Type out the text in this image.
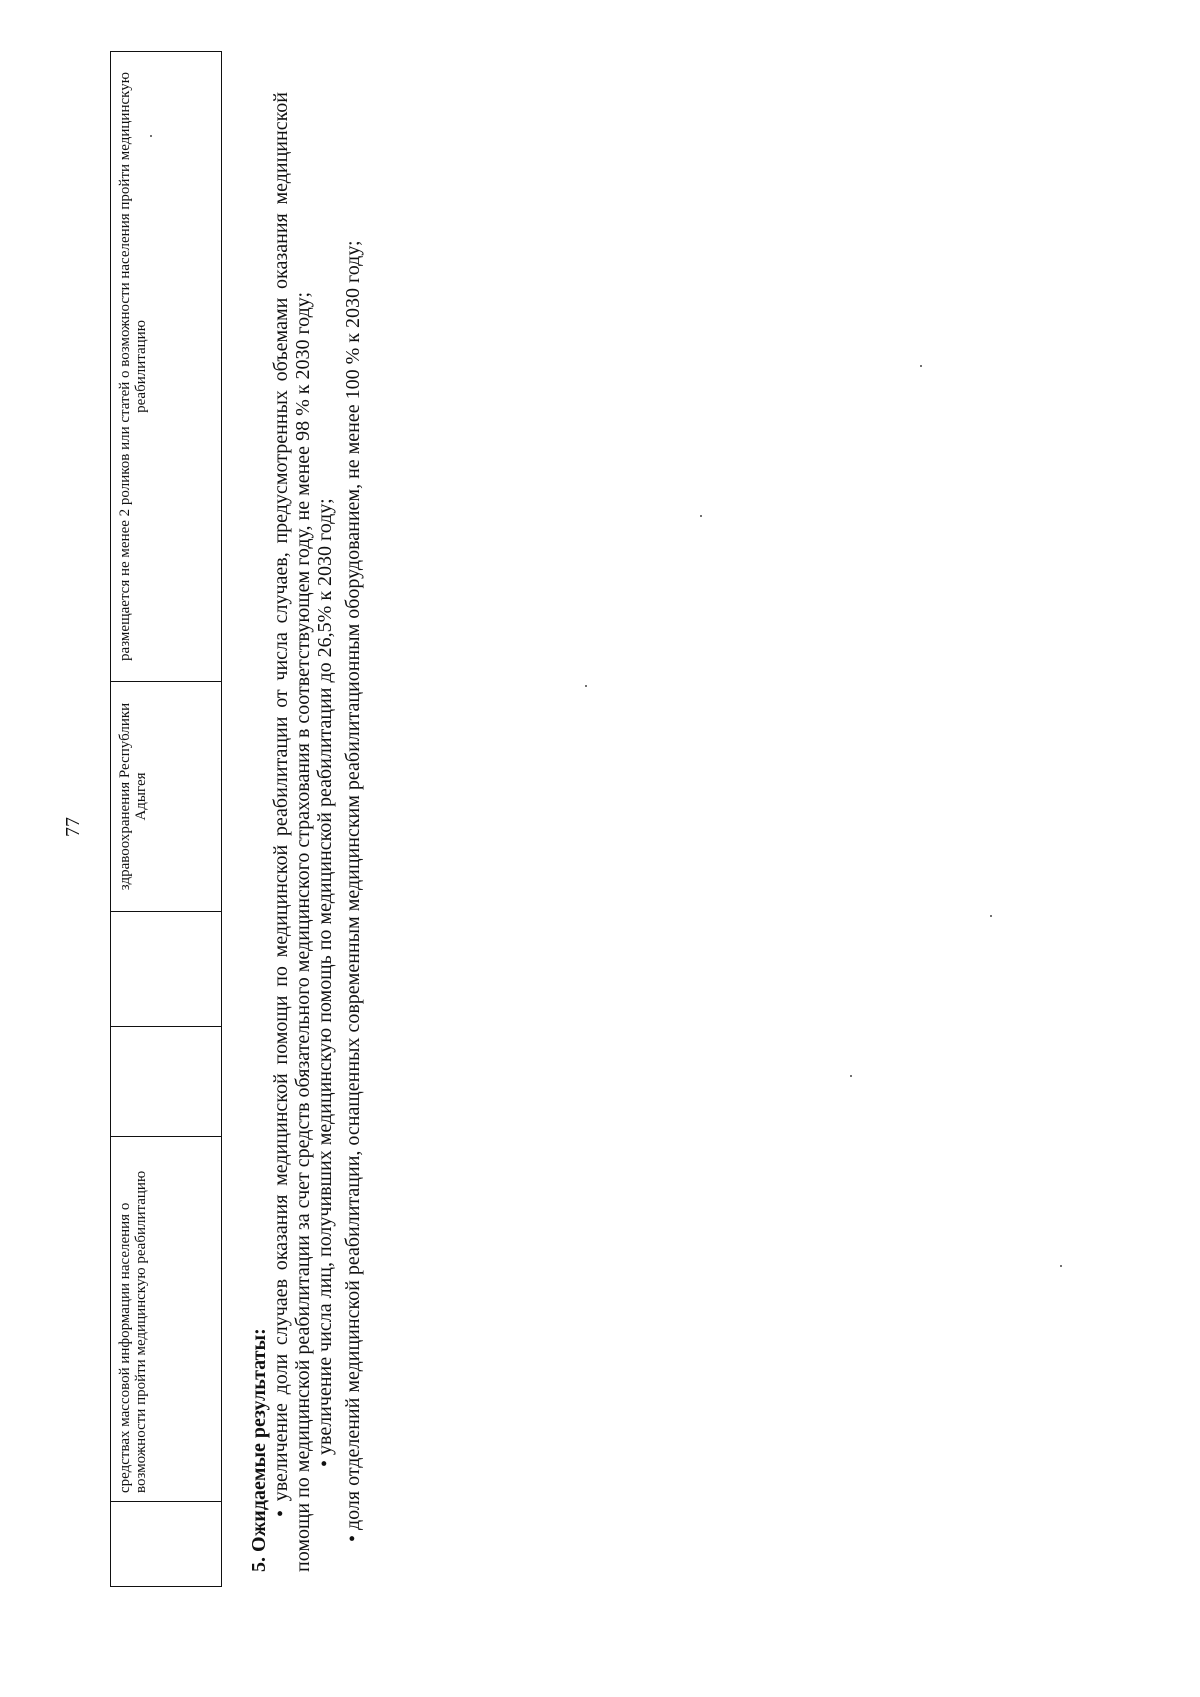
77
	средствах массовой информации населения о возможности пройти медицинскую реабилитацию			здравоохранения Республики Адыгея	размещается не менее 2 роликов или статей о возможности населения пройти медицинскую реабилитацию
5. Ожидаемые результаты: • увеличение доли случаев оказания медицинской помощи по медицинской реабилитации от числа случаев, предусмотренных объемами оказания медицинской помощи по медицинской реабилитации за счет средств обязательного медицинского страхования в соответствующем году, не менее 98 % к 2030 году; • увеличение числа лиц, получивших медицинскую помощь по медицинской реабилитации до 26,5% к 2030 году; • доля отделений медицинской реабилитации, оснащенных современным медицинским реабилитационным оборудованием, не менее 100 % к 2030 году;
